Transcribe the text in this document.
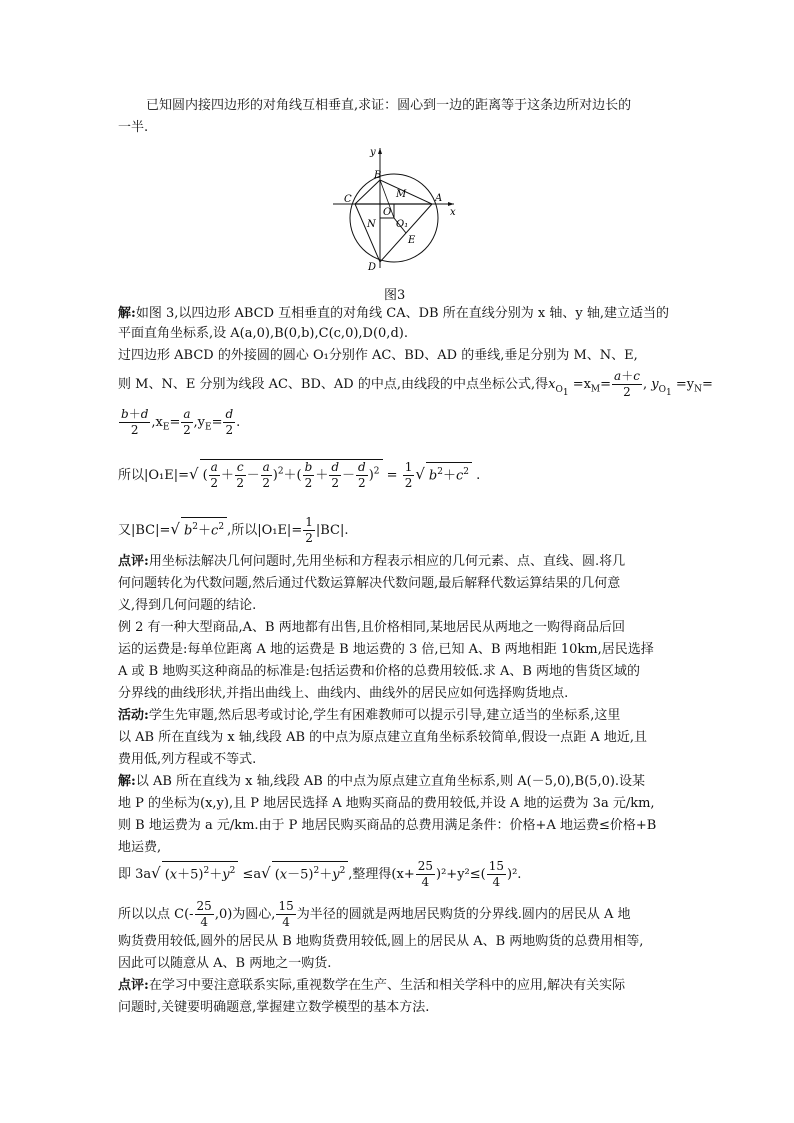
已知圆内接四边形的对角线互相垂直,求证：圆心到一边的距离等于这条边所对边长的
一半.
y
B
C	M	A
O	x
N O₁
E
D
图3
解:如图 3,以四边形 ABCD 互相垂直的对角线 CA、DB 所在直线分别为 x 轴、y 轴,建立适当的
平面直角坐标系,设 A(a,0),B(0,b),C(c,0),D(0,d).
过四边形 ABCD 的外接圆的圆心 O₁分别作 AC、BD、AD 的垂线,垂足分别为 M、N、E,
则 M、N、E 分别为线段 AC、BD、AD 的中点,由线段的中点坐标公式,得$x_{O_1} =x_M= \frac{a+c}{2}$ , $y_{O_1} =y_N=$
$\frac{b+d}{2} ,x_E= \frac{a}{2} ,y_E= \frac{d}{2}$ .
所以|O₁E|=√ ( $\frac{a}{2} + \frac{c}{2} - \frac{a}{2} )^2+( \frac{b}{2} + \frac{d}{2} - \frac{d}{2} )^2 = \frac{1}{2}$ √ $b^2+c^2$ .
又|BC|=√ $b^2+c^2$ ,所以$|O_1E|= \frac{1}{2} |BC|$.
点评:用坐标法解决几何问题时,先用坐标和方程表示相应的几何元素、点、直线、圆.将几
何问题转化为代数问题,然后通过代数运算解决代数问题,最后解释代数运算结果的几何意
义,得到几何问题的结论.
例 2 有一种大型商品,A、B 两地都有出售,且价格相同,某地居民从两地之一购得商品后回
运的运费是:每单位距离 A 地的运费是 B 地运费的 3 倍,已知 A、B 两地相距 10km,居民选择
A 或 B 地购买这种商品的标准是:包括运费和价格的总费用较低.求 A、B 两地的售货区域的
分界线的曲线形状,并指出曲线上、曲线内、曲线外的居民应如何选择购货地点.
活动:学生先审题,然后思考或讨论,学生有困难教师可以提示引导,建立适当的坐标系,这里
以 AB 所在直线为 x 轴,线段 AB 的中点为原点建立直角坐标系较简单,假设一点距 A 地近,且
费用低,列方程或不等式.
解:以 AB 所在直线为 x 轴,线段 AB 的中点为原点建立直角坐标系,则 A(－5,0),B(5,0).设某
地 P 的坐标为(x,y),且 P 地居民选择 A 地购买商品的费用较低,并设 A 地的运费为 3a 元/km,
则 B 地运费为 a 元/km.由于 P 地居民购买商品的总费用满足条件：价格+A 地运费≤价格+B
地运费,
即 3a√ $(x+5)^2+y^2 \le a√$ $(x-5)^2+y^2$ ,整理得$(x+ \frac{25}{4} )^2+y^2\le( \frac{15}{4} )^2$.
所以以点 $C(- \frac{25}{4} ,0)$为圆心, $\frac{15}{4}$ 为半径的圆就是两地居民购货的分界线.圆内的居民从 A 地
购货费用较低,圆外的居民从 B 地购货费用较低,圆上的居民从 A、B 两地购货的总费用相等,
因此可以随意从 A、B 两地之一购货.
点评:在学习中要注意联系实际,重视数学在生产、生活和相关学科中的应用,解决有关实际
问题时,关键要明确题意,掌握建立数学模型的基本方法.
